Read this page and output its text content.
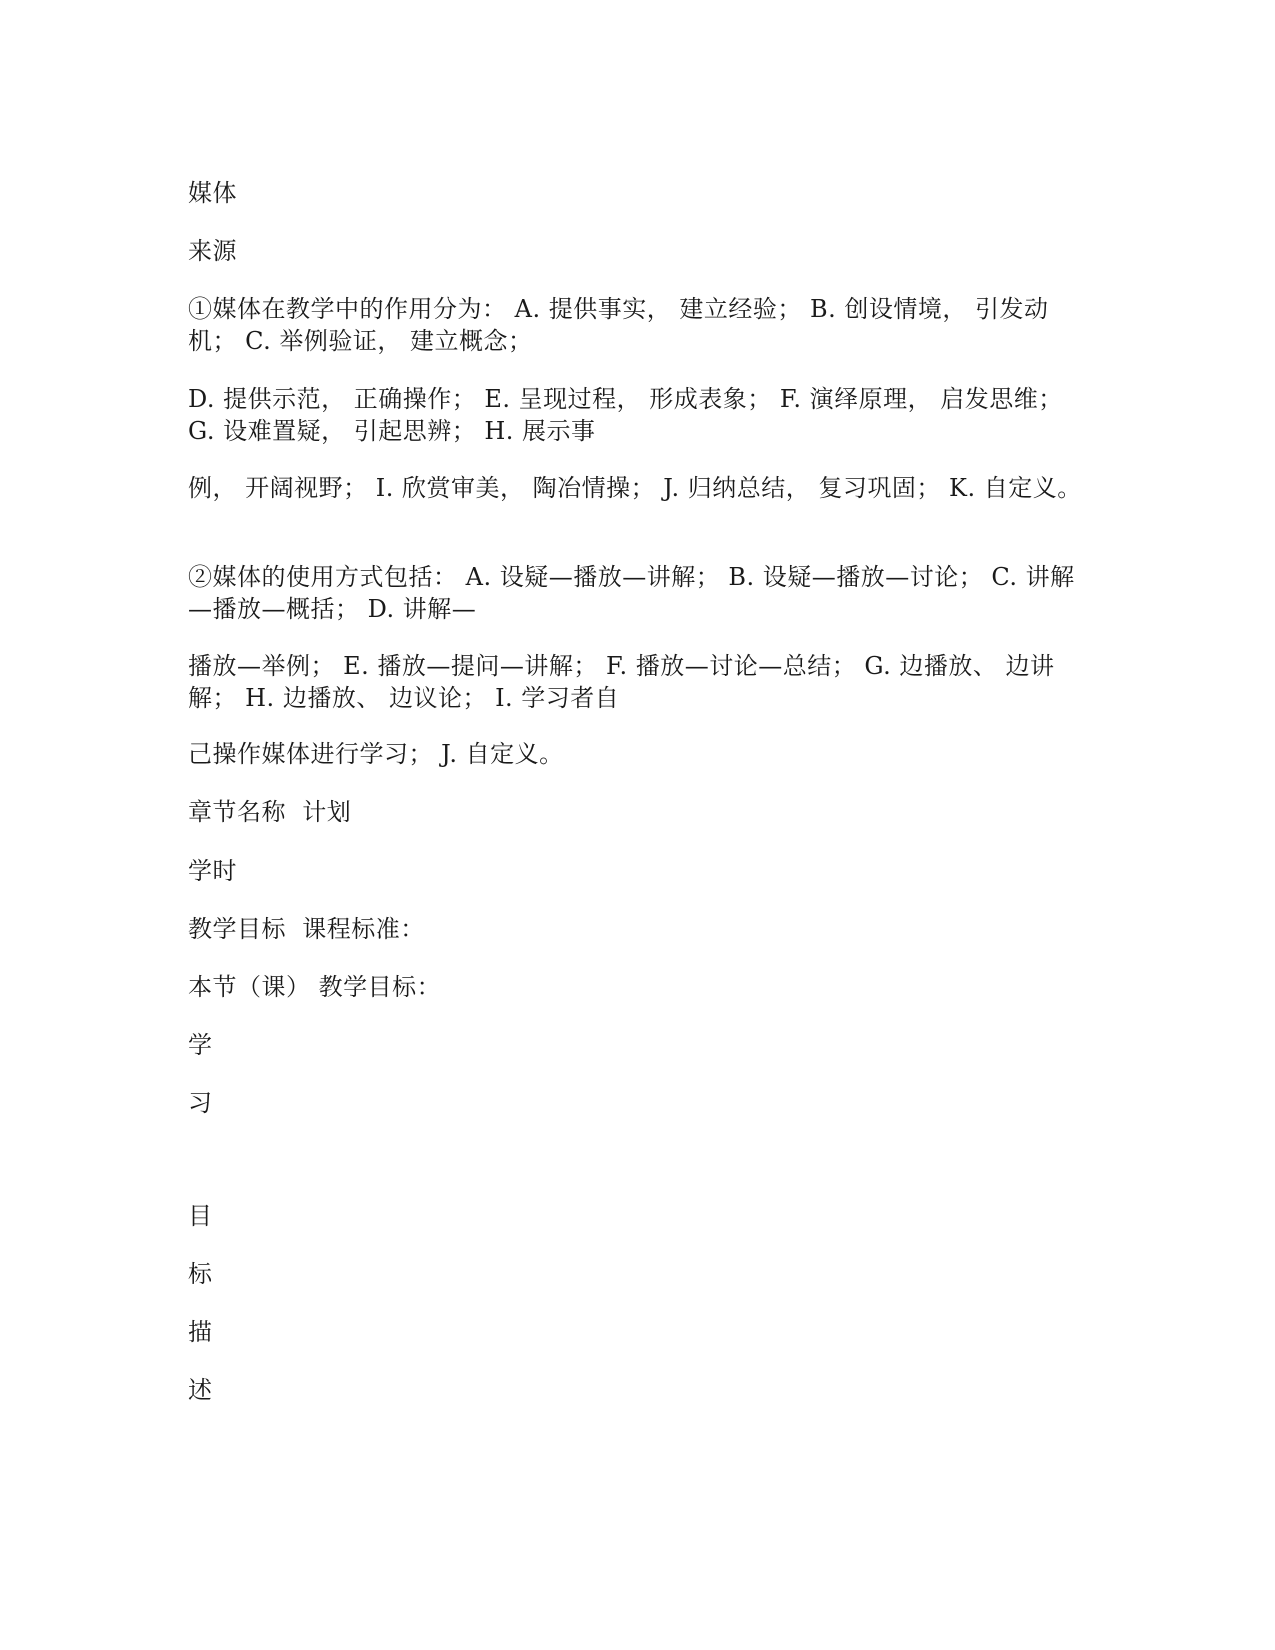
媒体
来源
①媒体在教学中的作用分为： A. 提供事实， 建立经验； B. 创设情境， 引发动机； C. 举例验证， 建立概念；
D. 提供示范， 正确操作； E. 呈现过程， 形成表象； F. 演绎原理， 启发思维； G. 设难置疑， 引起思辨； H. 展示事
例， 开阔视野； I. 欣赏审美， 陶冶情操； J. 归纳总结， 复习巩固； K. 自定义。
②媒体的使用方式包括： A. 设疑—播放—讲解； B. 设疑—播放—讨论； C. 讲解—播放—概括； D. 讲解—
播放—举例； E. 播放—提问—讲解； F. 播放—讨论—总结； G. 边播放、 边讲解； H. 边播放、 边议论； I. 学习者自
己操作媒体进行学习； J. 自定义。
章节名称  计划
学时
教学目标  课程标准：
本节（课） 教学目标：
学
习
目
标
描
述
